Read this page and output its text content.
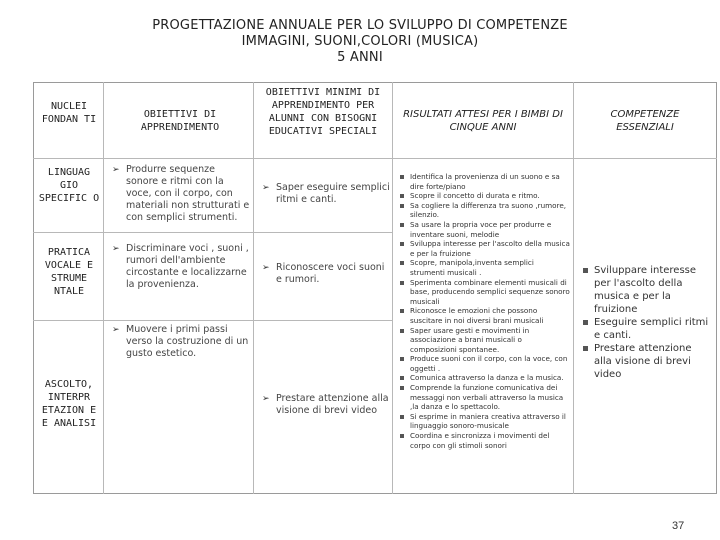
PROGETTAZIONE ANNUALE PER LO SVILUPPO DI COMPETENZE
IMMAGINI, SUONI,COLORI (MUSICA)
5 ANNI
NUCLEI FONDAN TI	OBIETTIVI DI APPRENDIMENTO
OBIETTIVI MINIMI DI APPRENDIMENTO PER ALUNNI CON BISOGNI EDUCATIVI SPECIALI
RISULTATI ATTESI PER I BIMBI DI CINQUE ANNI
COMPETENZE ESSENZIALI
LINGUAG GIO SPECIFIC O
PRATICA VOCALE E STRUME NTALE
ASCOLTO, INTERPR ETAZION E E ANALISI
➢ Produrre sequenze sonore e ritmi con la voce, con il corpo, con materiali non strutturati e con semplici strumenti.
➢ Discriminare voci , suoni , rumori dell'ambiente circostante e localizzarne la provenienza.
➢ Muovere i primi passi verso la costruzione di un gusto estetico.
➢ Saper eseguire semplici ritmi e canti.
➢ Riconoscere voci suoni e rumori.
➢ Prestare attenzione alla visione di brevi video
Identifica la provenienza di un suono e sa dire forte/piano
Scopre il concetto di durata e ritmo.
Sa cogliere la differenza tra suono ,rumore, silenzio.
Sa usare la propria voce per produrre e inventare suoni, melodie
Sviluppa interesse per l'ascolto della musica e per la fruizione
Scopre, manipola,inventa semplici strumenti musicali .
Sperimenta combinare elementi musicali di base, producendo semplici sequenze sonoro musicali
Riconosce le emozioni che possono suscitare in noi diversi brani musicali
Saper usare gesti e movimenti in associazione a brani musicali o composizioni spontanee.
Produce suoni con il corpo, con la voce, con oggetti .
Comunica attraverso la danza e la musica.
Comprende la funzione comunicativa dei messaggi non verbali attraverso la musica ,la danza e lo spettacolo.
Si esprime in maniera creativa attraverso il linguaggio sonoro-musicale
Coordina e sincronizza i movimenti del corpo con gli stimoli sonori
Sviluppare interesse per l'ascolto della musica e per la fruizione
Eseguire semplici ritmi e canti.
Prestare attenzione alla visione di brevi video
37
